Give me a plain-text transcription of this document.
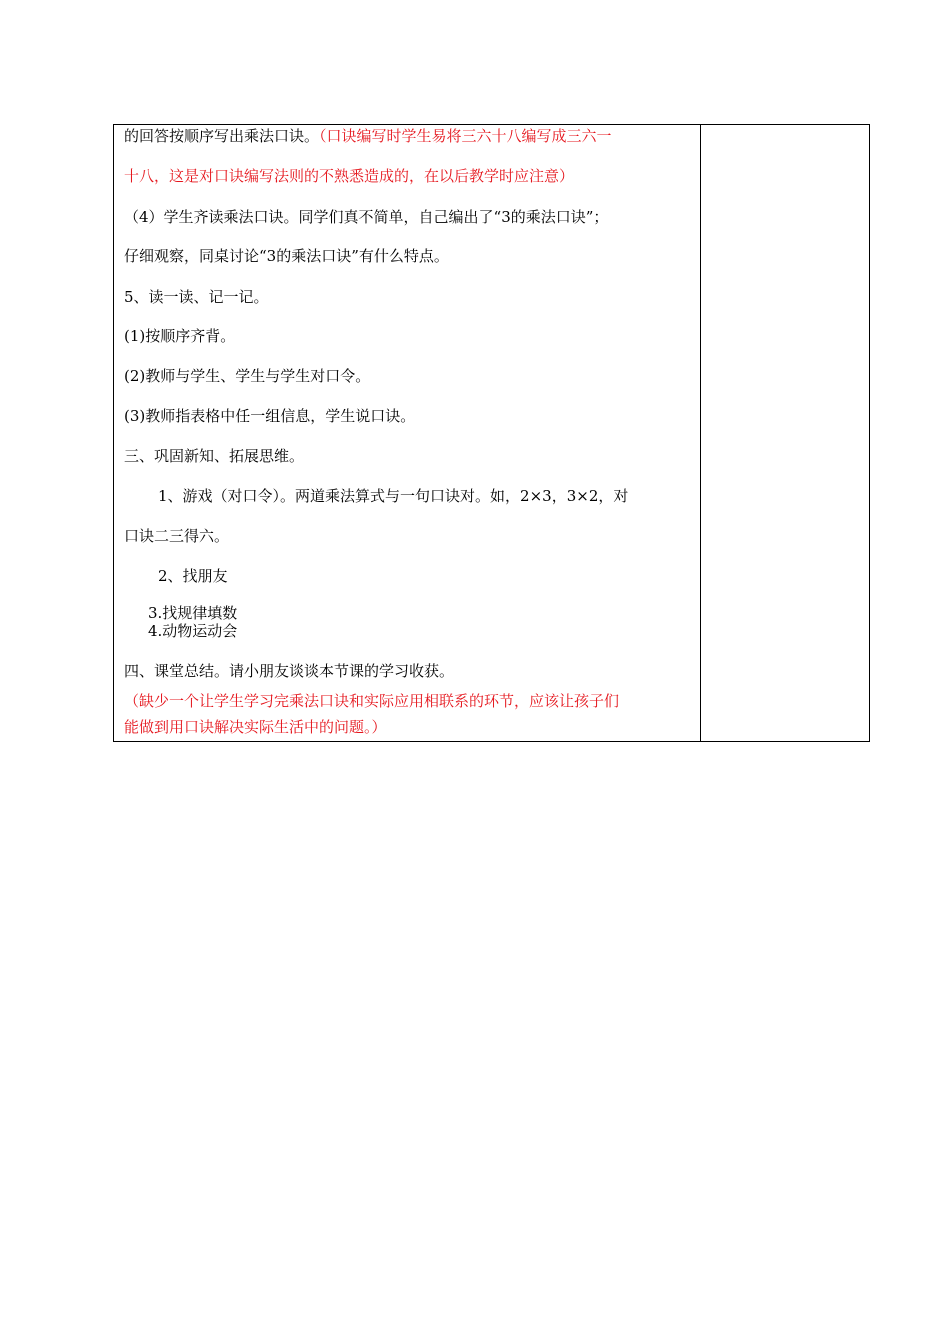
的回答按顺序写出乘法口诀。（口诀编写时学生易将三六十八编写成三六一
十八，这是对口诀编写法则的不熟悉造成的，在以后教学时应注意）
（4）学生齐读乘法口诀。同学们真不简单，自己编出了“3的乘法口诀”；
仔细观察，同桌讨论“3的乘法口诀”有什么特点。
5、读一读、记一记。
(1)按顺序齐背。
(2)教师与学生、学生与学生对口令。
(3)教师指表格中任一组信息，学生说口诀。
三、巩固新知、拓展思维。
1、游戏（对口令）。两道乘法算式与一句口诀对。如，2×3，3×2，对
口诀二三得六。
2、找朋友
3.找规律填数
4.动物运动会
四、课堂总结。请小朋友谈谈本节课的学习收获。
（缺少一个让学生学习完乘法口诀和实际应用相联系的环节，应该让孩子们
能做到用口诀解决实际生活中的问题。）
